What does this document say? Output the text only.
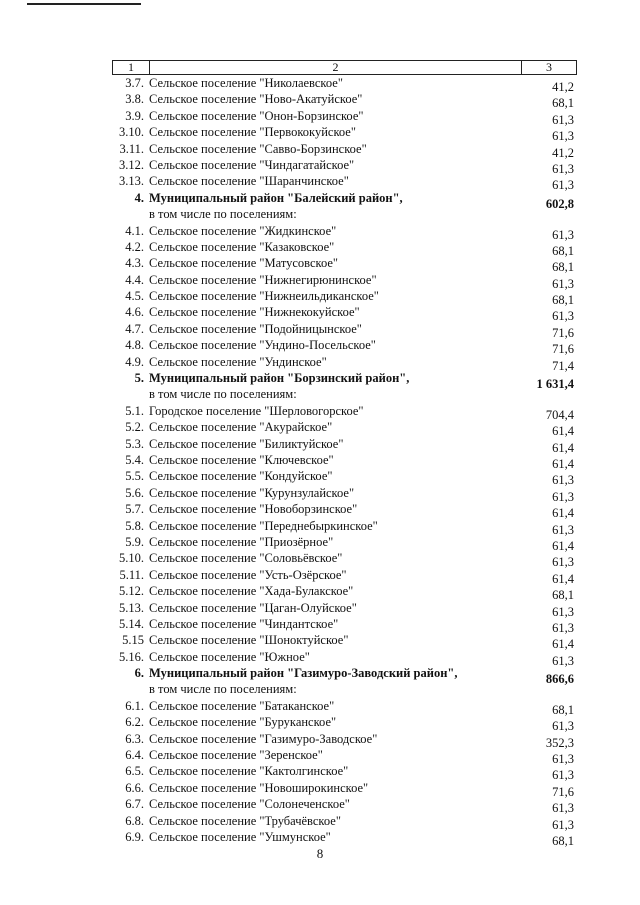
1	2	3
3.7. Сельское поселение "Николаевское"	41,2
3.8. Сельское поселение "Ново-Акатуйское"	68,1
3.9. Сельское поселение "Онон-Борзинское"	61,3
3.10. Сельское поселение "Первококуйское"	61,3
3.11. Сельское поселение "Савво-Борзинское"	41,2
3.12. Сельское поселение "Чиндагатайское"	61,3
3.13. Сельское поселение "Шаранчинское"	61,3
4. Муниципальный район "Балейский район",	602,8
в том числе по поселениям:
4.1. Сельское поселение "Жидкинское"	61,3
4.2. Сельское поселение "Казаковское"	68,1
4.3. Сельское поселение "Матусовское"	68,1
4.4. Сельское поселение "Нижнегирюнинское"	61,3
4.5. Сельское поселение "Нижнеильдиканское"	68,1
4.6. Сельское поселение "Нижнекокуйское"	61,3
4.7. Сельское поселение "Подойницынское"	71,6
4.8. Сельское поселение "Ундино-Посельское"	71,6
4.9. Сельское поселение "Ундинское"	71,4
5. Муниципальный район "Борзинский район",	1 631,4
в том числе по поселениям:
5.1. Городское поселение "Шерловогорское"	704,4
5.2. Сельское поселение "Акурайское"	61,4
5.3. Сельское поселение "Биликтуйское"	61,4
5.4. Сельское поселение "Ключевское"	61,4
5.5. Сельское поселение "Кондуйское"	61,3
5.6. Сельское поселение "Курунзулайское"	61,3
5.7. Сельское поселение "Новоборзинское"	61,4
5.8. Сельское поселение "Переднебыркинское"	61,3
5.9. Сельское поселение "Приозёрное"	61,4
5.10. Сельское поселение "Соловьёвское"	61,3
5.11. Сельское поселение "Усть-Озёрское"	61,4
5.12. Сельское поселение "Хада-Булакское"	68,1
5.13. Сельское поселение "Цаган-Олуйское"	61,3
5.14. Сельское поселение "Чиндантское"	61,3
5.15 Сельское поселение "Шоноктуйское"	61,4
5.16. Сельское поселение "Южное"	61,3
6. Муниципальный район "Газимуро-Заводский район",	866,6
в том числе по поселениям:
6.1. Сельское поселение "Батаканское"	68,1
6.2. Сельское поселение "Буруканское"	61,3
6.3. Сельское поселение "Газимуро-Заводское"	352,3
6.4. Сельское поселение "Зеренское"	61,3
6.5. Сельское поселение "Кактолгинское"	61,3
6.6. Сельское поселение "Новоширокинское"	71,6
6.7. Сельское поселение "Солонеченское"	61,3
6.8. Сельское поселение "Трубачёвское"	61,3
6.9. Сельское поселение "Ушмунское"	68,1
8
